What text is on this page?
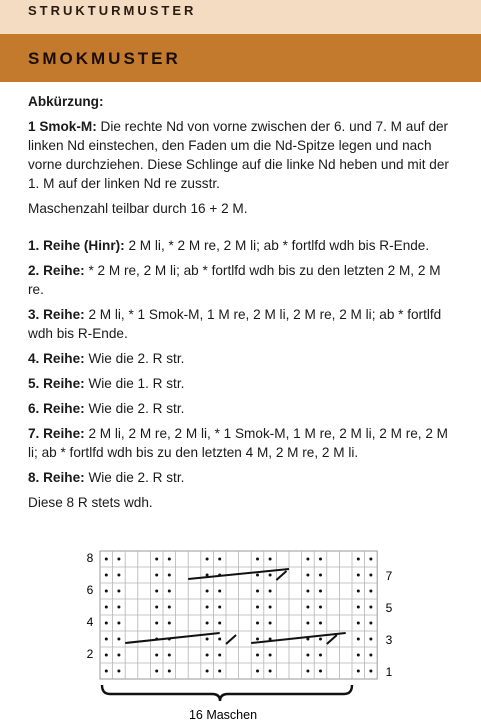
STRUKTURMUSTER
SMOKMUSTER

Abkürzung:

1 Smok-M: Die rechte Nd von vorne zwischen der 6. und 7. M auf der linken Nd einstechen, den Faden um die Nd-Spitze legen und nach vorne durchziehen. Diese Schlinge auf die linke Nd heben und mit der 1. M auf der linken Nd re zusstr.

Maschenzahl teilbar durch 16 + 2 M.

1. Reihe (Hinr): 2 M li, * 2 M re, 2 M li; ab * fortlfd wdh bis R-Ende.

2. Reihe: * 2 M re, 2 M li; ab * fortlfd wdh bis zu den letzten 2 M, 2 M re.

3. Reihe: 2 M li, * 1 Smok-M, 1 M re, 2 M li, 2 M re, 2 M li; ab * fortlfd wdh bis R-Ende.

4. Reihe: Wie die 2. R str.

5. Reihe: Wie die 1. R str.

6. Reihe: Wie die 2. R str.

7. Reihe: 2 M li, 2 M re, 2 M li, * 1 Smok-M, 1 M re, 2 M li, 2 M re, 2 M li; ab * fortlfd wdh bis zu den letzten 4 M, 2 M re, 2 M li.

8. Reihe: Wie die 2. R str.

Diese 8 R stets wdh.

8
6
4
2
7
5
3
1
16 Maschen
